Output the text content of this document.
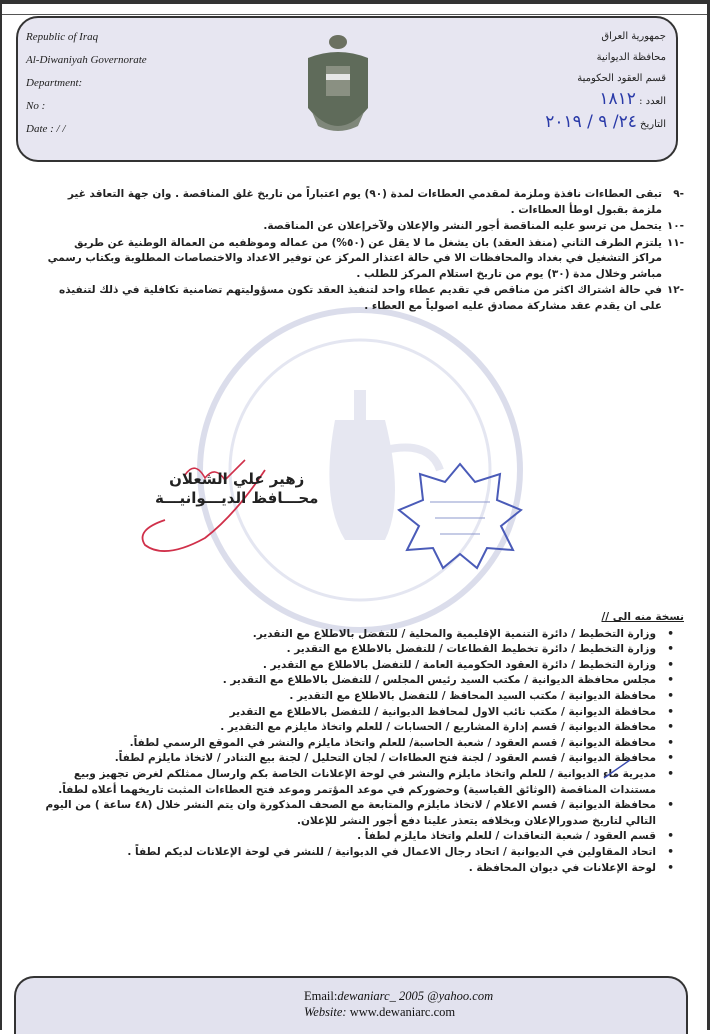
Republic of Iraq
Al-Diwaniyah Governorate
Department:
No :
Date : / /
جمهورية العراق
محافظة الديوانية
قسم العقود الحكومية
العدد : ١٨١٢
التاريخ ٢٤/ ٩ / ٢٠١٩
-٩
تبقى العطاءات نافذة وملزمة لمقدمي العطاءات لمدة (٩٠) يوم اعتباراً من تاريخ غلق المناقصة . وان جهة التعاقد غير ملزمة بقبول اوطأ العطاءات .
-١٠
يتحمل من ترسو عليه المناقصة أجور النشر والإعلان ولآخرإعلان عن المناقصة.
-١١
يلتزم الطرف الثاني (منفذ العقد) بان يشغل ما لا يقل عن (٥٠%) من عماله وموظفيه من العمالة الوطنية عن طريق مراكز التشغيل في بغداد والمحافظات الا في حالة اعتذار المركز عن توفير الاعداد والاختصاصات المطلوبة وبكتاب رسمي مباشر وخلال مدة (٣٠) يوم من تاريخ استلام المركز للطلب .
-١٢
في حالة اشتراك اكثر من مناقص في تقديم عطاء واحد لتنفيذ العقد تكون مسؤوليتهم تضامنية تكافلية في ذلك لتنفيذه على ان يقدم عقد مشاركة مصادق عليه اصولياً مع العطاء .
زهير علي الشعلان
محـــافظ الديـــوانيـــة
نسخة منه الى //
• وزارة التخطيط / دائرة التنمية الإقليمية والمحلية / للتفضل بالاطلاع مع التقدير.
• وزارة التخطيط / دائرة تخطيط القطاعات / للتفضل بالاطلاع مع التقدير .
• وزارة التخطيط / دائرة العقود الحكومية العامة / للتفضل بالاطلاع مع التقدير .
• مجلس محافظة الديوانية / مكتب السيد رئيس المجلس / للتفضل بالاطلاع مع التقدير .
• محافظة الديوانية / مكتب السيد المحافظ / للتفضل بالاطلاع مع التقدير .
• محافظة الديوانية / مكتب نائب الاول لمحافظ الديوانية / للتفضل بالاطلاع مع التقدير
• محافظة الديوانية / قسم إدارة المشاريع / الحسابات / للعلم واتخاذ مايلزم مع التقدير .
• محافظة الديوانية / قسم العقود / شعبة الحاسبة/ للعلم واتخاذ مايلزم والنشر في الموقع الرسمي لطفاً.
• محافظة الديوانية / قسم العقود / لجنة فتح العطاءات / لجان التحليل / لجنة بيع التنادر / لاتخاذ مايلزم لطفاً.
• مديرية ماء الديوانية / للعلم واتخاذ مايلزم والنشر في لوحة الإعلانات الخاصة بكم وارسال ممثلكم لغرض تجهيز وبيع مستندات المناقصة (الوثائق القياسية) وحضوركم في موعد المؤتمر وموعد فتح العطاءات المثبت تاريخهما أعلاه لطفاً.
• محافظة الديوانية / قسم الاعلام / لاتخاذ مايلزم والمتابعة مع الصحف المذكورة وان يتم النشر خلال (٤٨ ساعة ) من اليوم التالي لتاريخ صدورالإعلان وبخلافه يتعذر علينا دفع أجور النشر للإعلان.
• قسم العقود / شعبة التعاقدات / للعلم واتخاذ مايلزم لطفاً .
• اتحاد المقاولين في الديوانية / اتحاد رجال الاعمال في الديوانية / للنشر في لوحة الإعلانات لديكم لطفاً .
• لوحة الإعلانات في ديوان المحافظة .
Email:dewaniarc_ 2005 @yahoo.com
Website: www.dewaniarc.com
